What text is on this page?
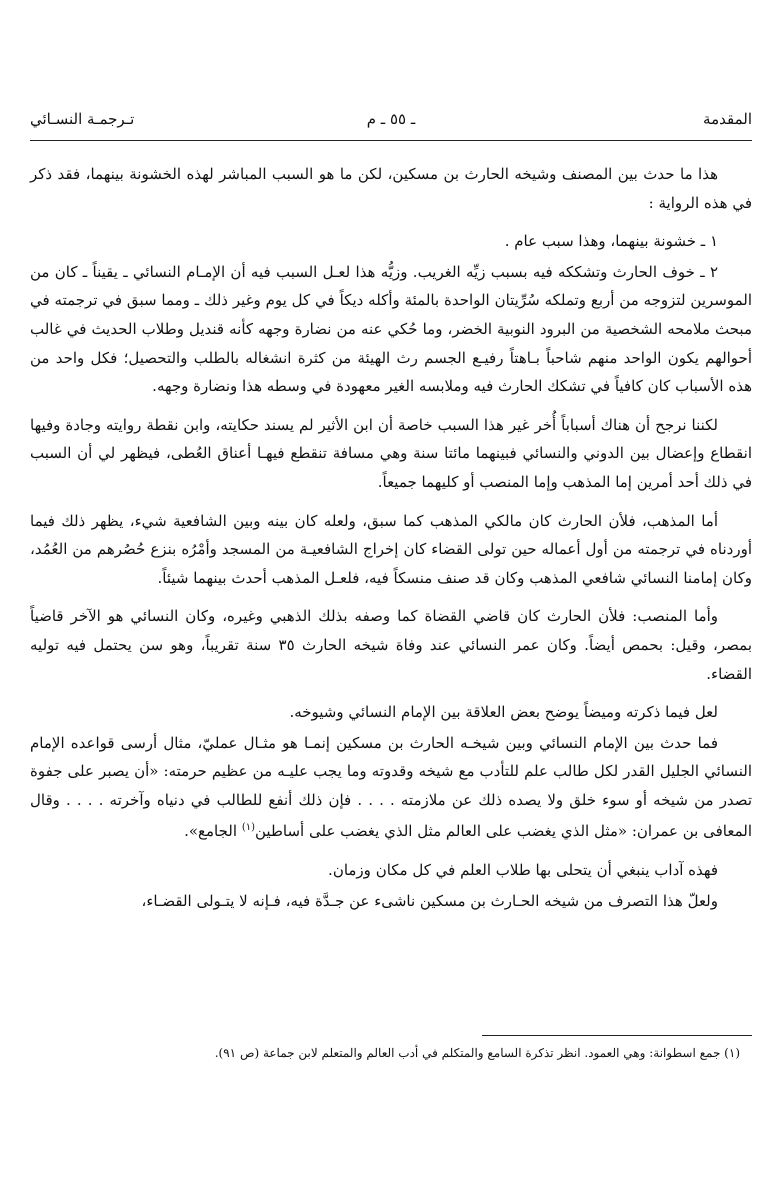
المقدمة
ـ ٥٥ ـ م
تـرجمـة النسـائي

هذا ما حدث بين المصنف وشيخه الحارث بن مسكين، لكن ما هو السبب المباشر لهذه الخشونة بينهما، فقد ذكر في هذه الرواية :

١ ـ خشونة بينهما، وهذا سبب عام .

٢ ـ خوف الحارث وتشككه فيه بسبب زيِّه الغريب. وزيُّه هذا لعـل السبب فيه أن الإمـام النسائي ـ يقيناً ـ كان من الموسرين لتزوجه من أربع وتملكه سُرِّيتان الواحدة بالمئة وأكله ديكاً في كل يوم وغير ذلك ـ ومما سبق في ترجمته في مبحث ملامحه الشخصية من البرود النوبية الخضر، وما حُكي عنه من نضارة وجهه كأنه قنديل وطلاب الحديث في غالب أحوالهم يكون الواحد منهم شاحباً بـاهتاً رفيـع الجسم رث الهيئة من كثرة انشغاله بالطلب والتحصيل؛ فكل واحد من هذه الأسباب كان كافياً في تشكك الحارث فيه وملابسه الغير معهودة في وسطه هذا ونضارة وجهه.

لكننا نرجح أن هناك أسباباً أُخر غير هذا السبب خاصة أن ابن الأثير لم يسند حكايته، وابن نقطة روايته وجادة وفيها انقطاع وإعضال بين الدوني والنسائي فبينهما مائتا سنة وهي مسافة تنقطع فيهـا أعناق العُطى، فيظهر لي أن السبب في ذلك أحد أمرين إما المذهب وإما المنصب أو كليهما جميعاً.

أما المذهب، فلأن الحارث كان مالكي المذهب كما سبق، ولعله كان بينه وبين الشافعية شيء، يظهر ذلك فيما أوردناه في ترجمته من أول أعماله حين تولى القضاء كان إخراج الشافعيـة من المسجد وأمْرُه بنزع حُصُرهم من العُمُد، وكان إمامنا النسائي شافعي المذهب وكان قد صنف منسكاً فيه، فلعـل المذهب أحدث بينهما شيئاً.

وأما المنصب: فلأن الحارث كان قاضي القضاة كما وصفه بذلك الذهبي وغيره، وكان النسائي هو الآخر قاضياً بمصر، وقيل: بحمص أيضاً. وكان عمر النسائي عند وفاة شيخه الحارث ٣٥ سنة تقريباً، وهو سن يحتمل فيه توليه القضاء.

لعل فيما ذكرته وميضاً يوضح بعض العلاقة بين الإمام النسائي وشيوخه.

فما حدث بين الإمام النسائي وبين شيخـه الحارث بن مسكين إنمـا هو مثـال عمليّ، مثال أرسى قواعده الإمام النسائي الجليل القدر لكل طالب علم للتأدب مع شيخه وقدوته وما يجب عليـه من عظيم حرمته: «أن يصبر على جفوة تصدر من شيخه أو سوء خلق ولا يصده ذلك عن ملازمته . . . . فإن ذلك أنفع للطالب في دنياه وآخرته . . . . وقال المعافى بن عمران: «مثل الذي يغضب على العالم مثل الذي يغضب على أساطين$^{(١)}$ الجامع».

فهذه آداب ينبغي أن يتحلى بها طلاب العلم في كل مكان وزمان.

ولعلّ هذا التصرف من شيخه الحـارث بن مسكين ناشىء عن جـدَّة فيه، فـإنه لا يتـولى القضـاء،

(١) جمع اسطوانة: وهي العمود. انظر تذكرة السامع والمتكلم في أدب العالم والمتعلم لابن جماعة (ص ٩١).
